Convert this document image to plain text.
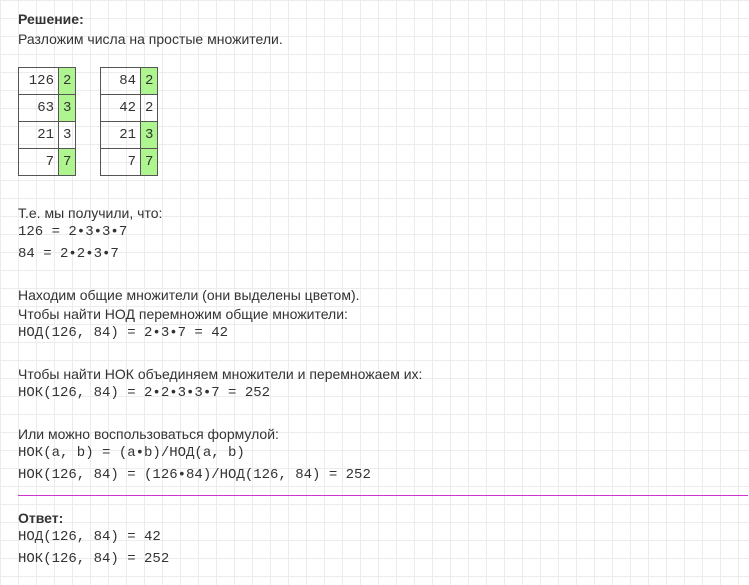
Решение:
Разложим числа на простые множители.
126	2
63	3
21	3
7	7
84	2
42	2
21	3
7	7
Т.е. мы получили, что:
126 = 2•3•3•7
84 = 2•2•3•7
Находим общие множители (они выделены цветом).
Чтобы найти НОД перемножим общие множители:
НОД(126, 84) = 2•3•7 = 42
Чтобы найти НОК объединяем множители и перемножаем их:
НОК(126, 84) = 2•2•3•3•7 = 252
Или можно воспользоваться формулой:
НОК(a, b) = (a•b)/НОД(a, b)
НОК(126, 84) = (126•84)/НОД(126, 84) = 252
Ответ:
НОД(126, 84) = 42
НОК(126, 84) = 252
